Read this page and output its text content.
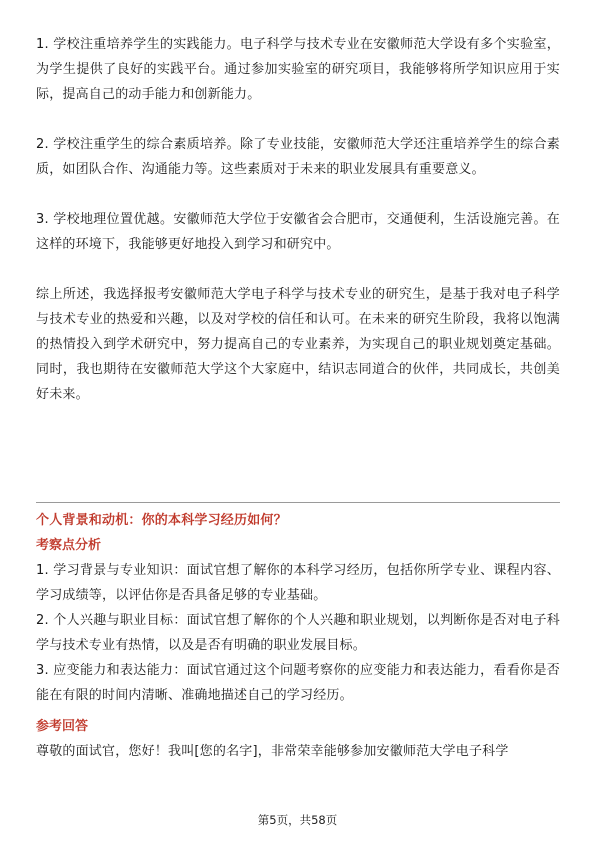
1. 学校注重培养学生的实践能力。电子科学与技术专业在安徽师范大学设有多个实验室，为学生提供了良好的实践平台。通过参加实验室的研究项目，我能够将所学知识应用于实际，提高自己的动手能力和创新能力。

2. 学校注重学生的综合素质培养。除了专业技能，安徽师范大学还注重培养学生的综合素质，如团队合作、沟通能力等。这些素质对于未来的职业发展具有重要意义。

3. 学校地理位置优越。安徽师范大学位于安徽省会合肥市，交通便利，生活设施完善。在这样的环境下，我能够更好地投入到学习和研究中。

综上所述，我选择报考安徽师范大学电子科学与技术专业的研究生，是基于我对电子科学与技术专业的热爱和兴趣，以及对学校的信任和认可。在未来的研究生阶段，我将以饱满的热情投入到学术研究中，努力提高自己的专业素养，为实现自己的职业规划奠定基础。同时，我也期待在安徽师范大学这个大家庭中，结识志同道合的伙伴，共同成长，共创美好未来。

个人背景和动机：你的本科学习经历如何？

考察点分析

1. 学习背景与专业知识：面试官想了解你的本科学习经历，包括你所学专业、课程内容、学习成绩等，以评估你是否具备足够的专业基础。

2. 个人兴趣与职业目标：面试官想了解你的个人兴趣和职业规划，以判断你是否对电子科学与技术专业有热情，以及是否有明确的职业发展目标。

3. 应变能力和表达能力：面试官通过这个问题考察你的应变能力和表达能力，看看你是否能在有限的时间内清晰、准确地描述自己的学习经历。

参考回答

尊敬的面试官，您好！我叫[您的名字]，非常荣幸能够参加安徽师范大学电子科学

第5页，共58页
